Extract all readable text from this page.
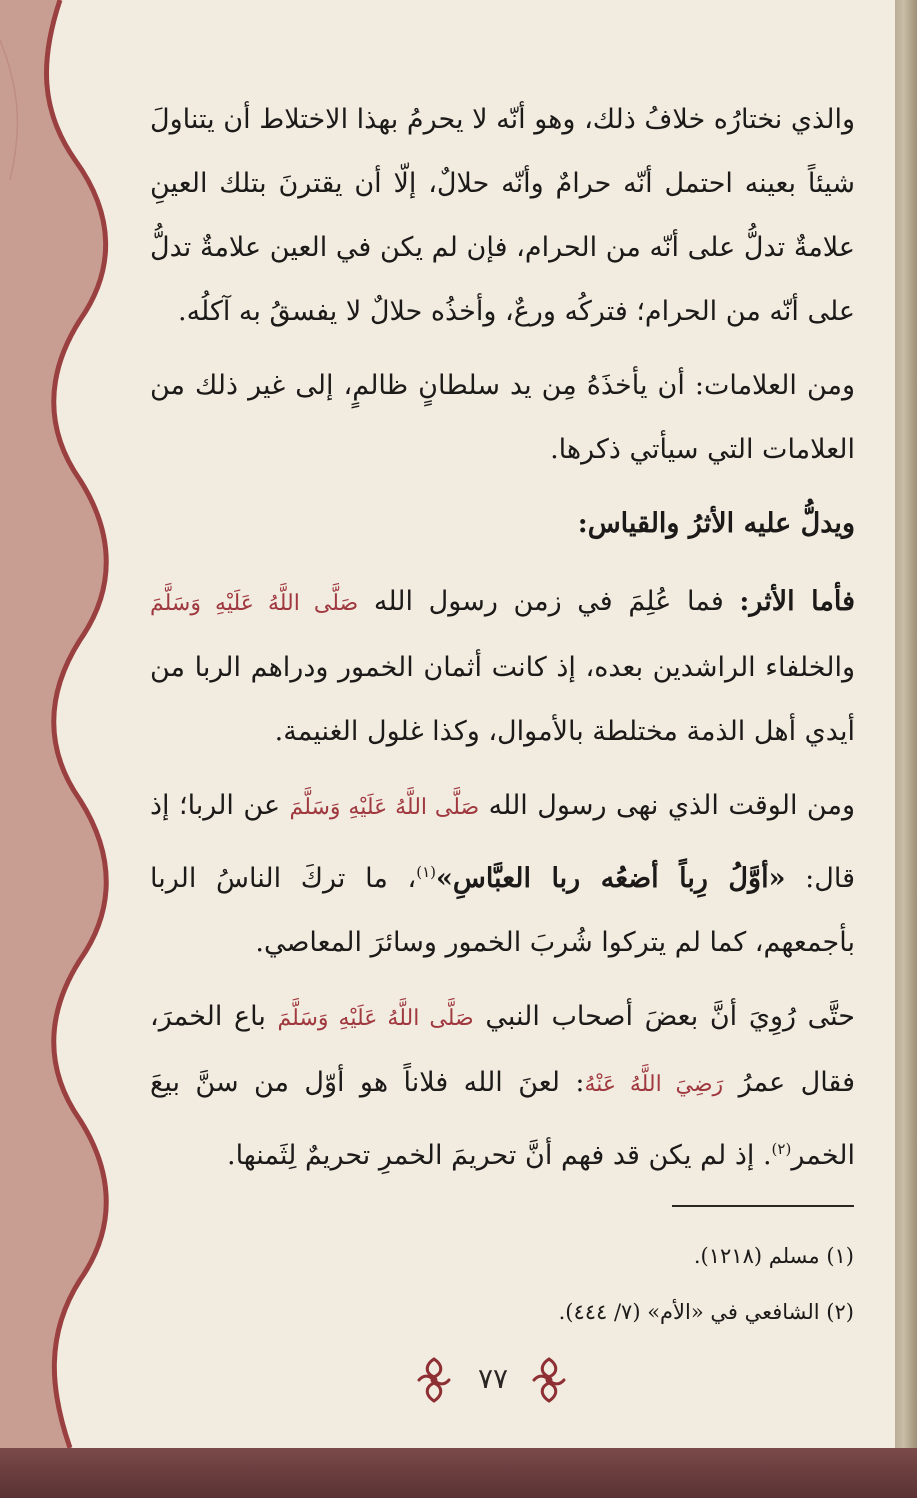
والذي نختارُه خلافُ ذلك، وهو أنّه لا يحرمُ بهذا الاختلاط أن يتناولَ شيئاً بعينه احتمل أنّه حرامٌ وأنّه حلالٌ، إلّا أن يقترنَ بتلك العينِ علامةٌ تدلُّ على أنّه من الحرام، فإن لم يكن في العين علامةٌ تدلُّ على أنّه من الحرام؛ فتركُه ورعٌ، وأخذُه حلالٌ لا يفسقُ به آكلُه.

ومن العلامات: أن يأخذَهُ مِن يد سلطانٍ ظالمٍ، إلى غير ذلك من العلامات التي سيأتي ذكرها.

ويدلُّ عليه الأثرُ والقياس:

فأما الأثر: فما عُلِمَ في زمن رسول الله صَلَّى اللَّهُ عَلَيْهِ وَسَلَّمَ والخلفاء الراشدين بعده، إذ كانت أثمان الخمور ودراهم الربا من أيدي أهل الذمة مختلطة بالأموال، وكذا غلول الغنيمة.

ومن الوقت الذي نهى رسول الله صَلَّى اللَّهُ عَلَيْهِ وَسَلَّمَ عن الربا؛ إذ قال: «أوَّلُ رِباً أضعُه ربا العبَّاسِ»$^{(١)}$، ما تركَ الناسُ الربا بأجمعهم، كما لم يتركوا شُربَ الخمور وسائرَ المعاصي.

حتَّى رُوِيَ أنَّ بعضَ أصحاب النبي صَلَّى اللَّهُ عَلَيْهِ وَسَلَّمَ باع الخمرَ، فقال عمرُ رَضِيَ اللَّهُ عَنْهُ: لعنَ الله فلاناً هو أوّل من سنَّ بيعَ الخمر$^{(٢)}$. إذ لم يكن قد فهم أنَّ تحريمَ الخمرِ تحريمٌ لِثَمنها.

(١) مسلم (١٢١٨).

(٢) الشافعي في «الأم» (٧/ ٤٤٤).

٧٧
